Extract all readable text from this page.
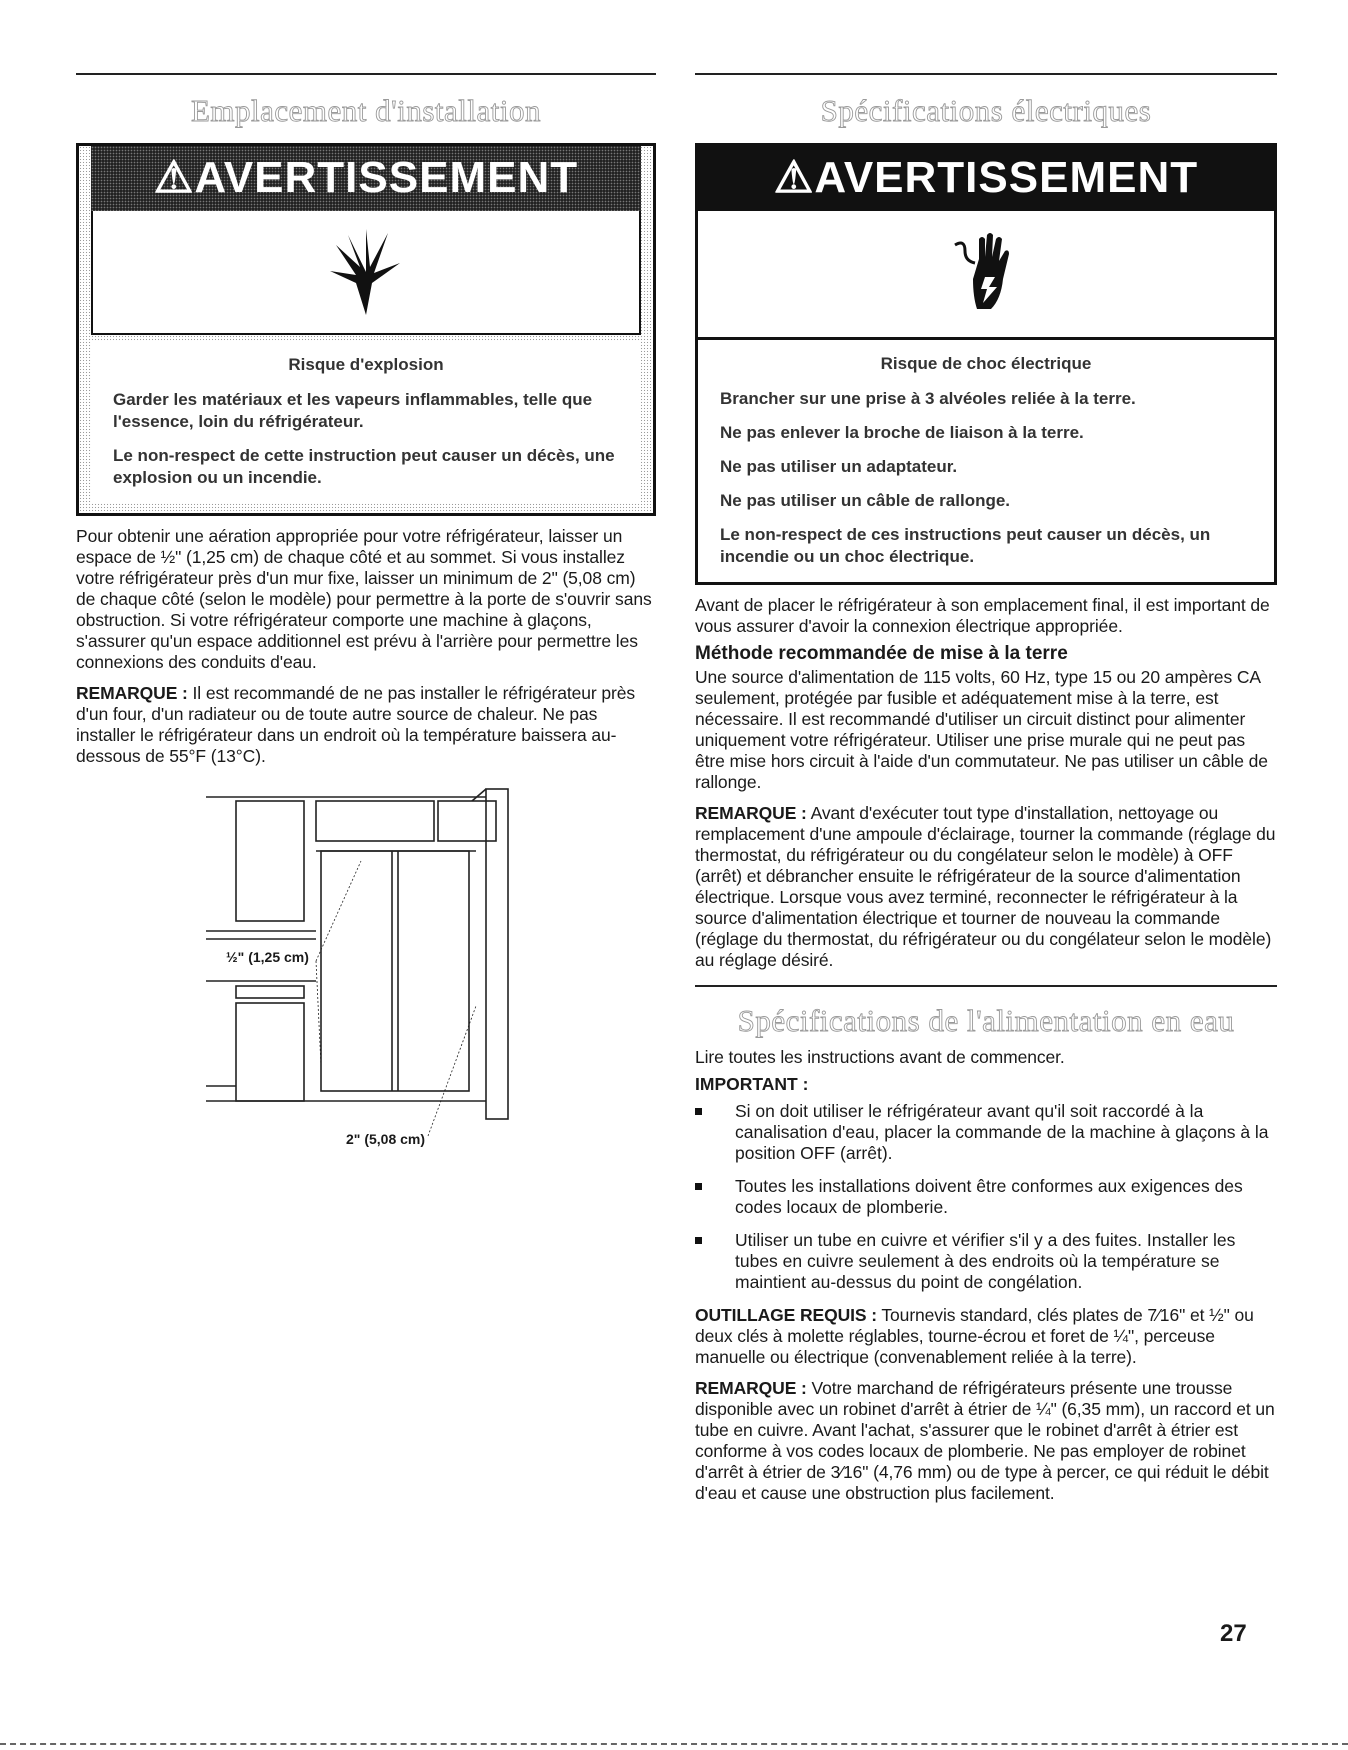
Emplacement d'installation
⚠AVERTISSEMENT
Risque d'explosion
Garder les matériaux et les vapeurs inflammables, telle que l'essence, loin du réfrigérateur.
Le non-respect de cette instruction peut causer un décès, une explosion ou un incendie.

Pour obtenir une aération appropriée pour votre réfrigérateur, laisser un espace de ½" (1,25 cm) de chaque côté et au sommet. Si vous installez votre réfrigérateur près d'un mur fixe, laisser un minimum de 2" (5,08 cm) de chaque côté (selon le modèle) pour permettre à la porte de s'ouvrir sans obstruction. Si votre réfrigérateur comporte une machine à glaçons, s'assurer qu'un espace additionnel est prévu à l'arrière pour permettre les connexions des conduits d'eau.

REMARQUE : Il est recommandé de ne pas installer le réfrigérateur près d'un four, d'un radiateur ou de toute autre source de chaleur. Ne pas installer le réfrigérateur dans un endroit où la température baissera au-dessous de 55°F (13°C).

½" (1,25 cm)
2" (5,08 cm)
Spécifications électriques
⚠AVERTISSEMENT
Risque de choc électrique
Brancher sur une prise à 3 alvéoles reliée à la terre.
Ne pas enlever la broche de liaison à la terre.
Ne pas utiliser un adaptateur.
Ne pas utiliser un câble de rallonge.
Le non-respect de ces instructions peut causer un décès, un incendie ou un choc électrique.

Avant de placer le réfrigérateur à son emplacement final, il est important de vous assurer d'avoir la connexion électrique appropriée.

Méthode recommandée de mise à la terre

Une source d'alimentation de 115 volts, 60 Hz, type 15 ou 20 ampères CA seulement, protégée par fusible et adéquatement mise à la terre, est nécessaire. Il est recommandé d'utiliser un circuit distinct pour alimenter uniquement votre réfrigérateur. Utiliser une prise murale qui ne peut pas être mise hors circuit à l'aide d'un commutateur. Ne pas utiliser un câble de rallonge.

REMARQUE : Avant d'exécuter tout type d'installation, nettoyage ou remplacement d'une ampoule d'éclairage, tourner la commande (réglage du thermostat, du réfrigérateur ou du congélateur selon le modèle) à OFF (arrêt) et débrancher ensuite le réfrigérateur de la source d'alimentation électrique. Lorsque vous avez terminé, reconnecter le réfrigérateur à la source d'alimentation électrique et tourner de nouveau la commande (réglage du thermostat, du réfrigérateur ou du congélateur selon le modèle) au réglage désiré.

Spécifications de l'alimentation en eau

Lire toutes les instructions avant de commencer.

IMPORTANT :
Si on doit utiliser le réfrigérateur avant qu'il soit raccordé à la canalisation d'eau, placer la commande de la machine à glaçons à la position OFF (arrêt).
Toutes les installations doivent être conformes aux exigences des codes locaux de plomberie.
Utiliser un tube en cuivre et vérifier s'il y a des fuites. Installer les tubes en cuivre seulement à des endroits où la température se maintient au-dessus du point de congélation.

OUTILLAGE REQUIS : Tournevis standard, clés plates de 7⁄16" et ½" ou deux clés à molette réglables, tourne-écrou et foret de ¼", perceuse manuelle ou électrique (convenablement reliée à la terre).

REMARQUE : Votre marchand de réfrigérateurs présente une trousse disponible avec un robinet d'arrêt à étrier de ¼" (6,35 mm), un raccord et un tube en cuivre. Avant l'achat, s'assurer que le robinet d'arrêt à étrier est conforme à vos codes locaux de plomberie. Ne pas employer de robinet d'arrêt à étrier de 3⁄16" (4,76 mm) ou de type à percer, ce qui réduit le débit d'eau et cause une obstruction plus facilement.

27
